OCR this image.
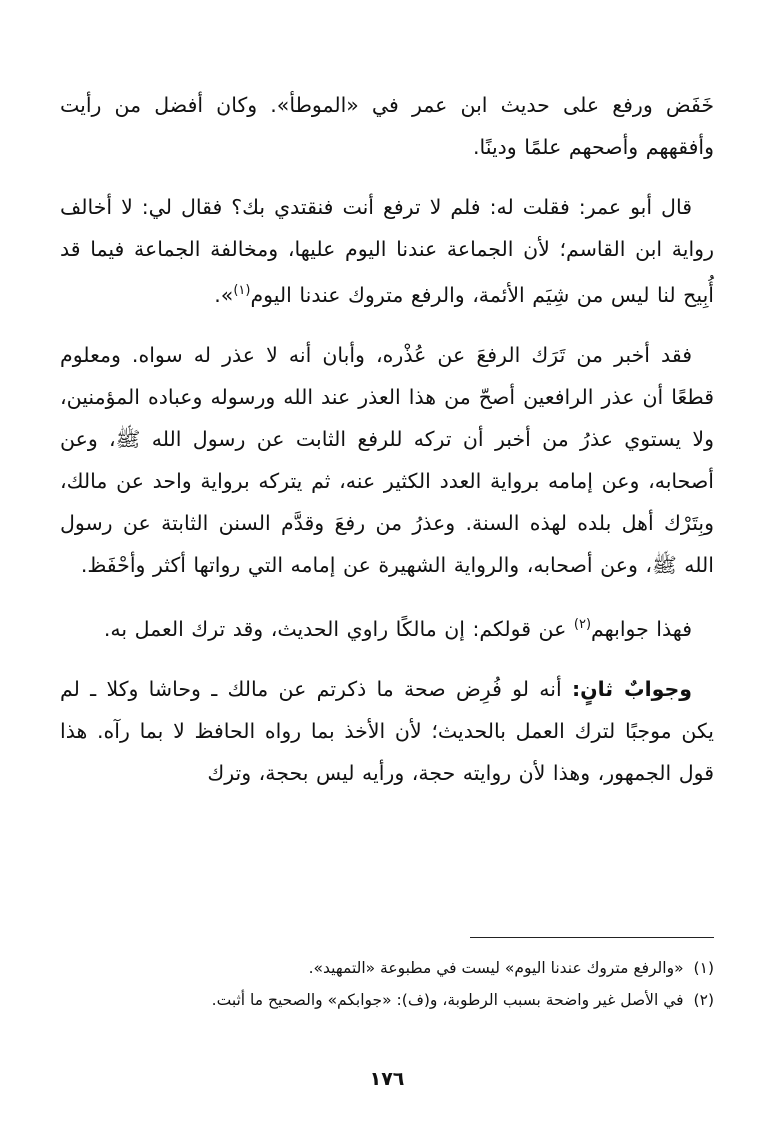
خَفَض ورفع على حديث ابن عمر في «الموطأ». وكان أفضل من رأيت وأفقههم وأصحهم علمًا ودينًا.

قال أبو عمر: فقلت له: فلم لا ترفع أنت فنقتدي بك؟ فقال لي: لا أخالف رواية ابن القاسم؛ لأن الجماعة عندنا اليوم عليها، ومخالفة الجماعة فيما قد أُبِيح لنا ليس من شِيَم الأئمة، والرفع متروك عندنا اليوم$^{(١)}$».

فقد أخبر من تَرَك الرفعَ عن عُذْره، وأبان أنه لا عذر له سواه. ومعلوم قطعًا أن عذر الرافعين أصحّ من هذا العذر عند الله ورسوله وعباده المؤمنين، ولا يستوي عذرُ من أخبر أن تركه للرفع الثابت عن رسول الله ﷺ، وعن أصحابه، وعن إمامه برواية العدد الكثير عنه، ثم يتركه برواية واحد عن مالك، وبِتَرْك أهل بلده لهذه السنة. وعذرُ من رفعَ وقدَّم السنن الثابتة عن رسول الله ﷺ، وعن أصحابه، والرواية الشهيرة عن إمامه التي رواتها أكثر وأحْفَظ.

فهذا جوابهم$^{(٢)}$ عن قولكم: إن مالكًا راوي الحديث، وقد ترك العمل به.

وجوابٌ ثانٍ: أنه لو فُرِض صحة ما ذكرتم عن مالك ـ وحاشا وكلا ـ لم يكن موجبًا لترك العمل بالحديث؛ لأن الأخذ بما رواه الحافظ لا بما رآه. هذا قول الجمهور، وهذا لأن روايته حجة، ورأيه ليس بحجة، وترك

(١)«والرفع متروك عندنا اليوم» ليست في مطبوعة «التمهيد».
(٢)في الأصل غير واضحة بسبب الرطوبة، و(ف): «جوابكم» والصحيح ما أثبت.
١٧٦
